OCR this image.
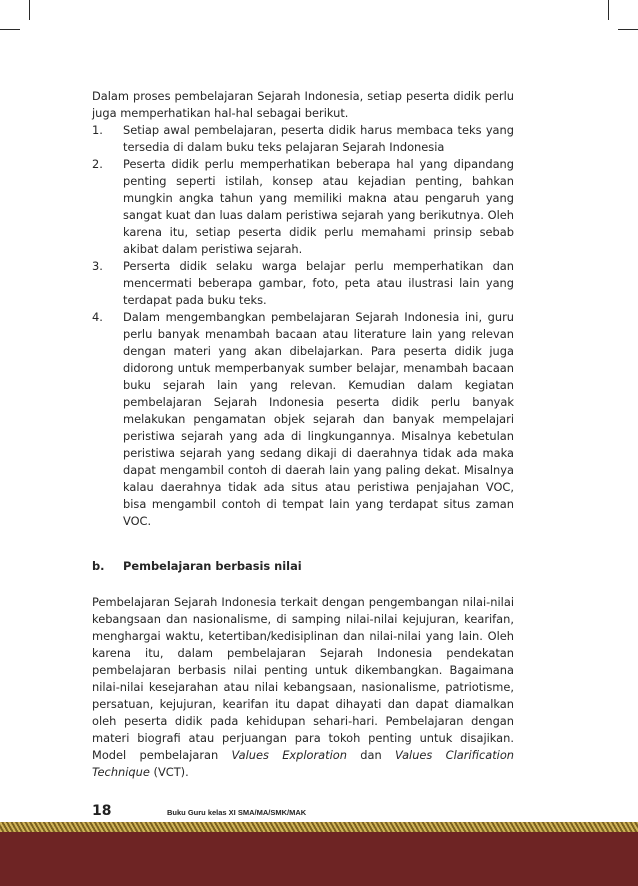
Dalam proses pembelajaran Sejarah Indonesia, setiap peserta didik perlu juga memperhatikan hal-hal sebagai berikut.

1. Setiap awal pembelajaran, peserta didik harus membaca teks yang tersedia di dalam buku teks pelajaran Sejarah Indonesia
2. Peserta didik perlu memperhatikan beberapa hal yang dipandang penting seperti istilah, konsep atau kejadian penting, bahkan mungkin angka tahun yang memiliki makna atau pengaruh yang sangat kuat dan luas dalam peristiwa sejarah yang berikutnya. Oleh karena itu, setiap peserta didik perlu memahami prinsip sebab akibat dalam peristiwa sejarah.
3. Perserta didik selaku warga belajar perlu memperhatikan dan mencermati beberapa gambar, foto, peta atau ilustrasi lain yang terdapat pada buku teks.
4. Dalam mengembangkan pembelajaran Sejarah Indonesia ini, guru perlu banyak menambah bacaan atau literature lain yang relevan dengan materi yang akan dibelajarkan. Para peserta didik juga didorong untuk memperbanyak sumber belajar, menambah bacaan buku sejarah lain yang relevan. Kemudian dalam kegiatan pembelajaran Sejarah Indonesia peserta didik perlu banyak melakukan pengamatan objek sejarah dan banyak mempelajari peristiwa sejarah yang ada di lingkungannya. Misalnya kebetulan peristiwa sejarah yang sedang dikaji di daerahnya tidak ada maka dapat mengambil contoh di daerah lain yang paling dekat. Misalnya kalau daerahnya tidak ada situs atau peristiwa penjajahan VOC, bisa mengambil contoh di tempat lain yang terdapat situs zaman VOC.
b.	Pembelajaran berbasis nilai

Pembelajaran Sejarah Indonesia terkait dengan pengembangan nilai-nilai kebangsaan dan nasionalisme, di samping nilai-nilai kejujuran, kearifan, menghargai waktu, ketertiban/kedisiplinan dan nilai-nilai yang lain. Oleh karena itu, dalam pembelajaran Sejarah Indonesia pendekatan pembelajaran berbasis nilai penting untuk dikembangkan. Bagaimana nilai-nilai kesejarahan atau nilai kebangsaan, nasionalisme, patriotisme, persatuan, kejujuran, kearifan itu dapat dihayati dan dapat diamalkan oleh peserta didik pada kehidupan sehari-hari. Pembelajaran dengan materi biografi atau perjuangan para tokoh penting untuk disajikan. Model pembelajaran Values Exploration dan Values Clarification Technique (VCT).

18	Buku Guru kelas XI SMA/MA/SMK/MAK
